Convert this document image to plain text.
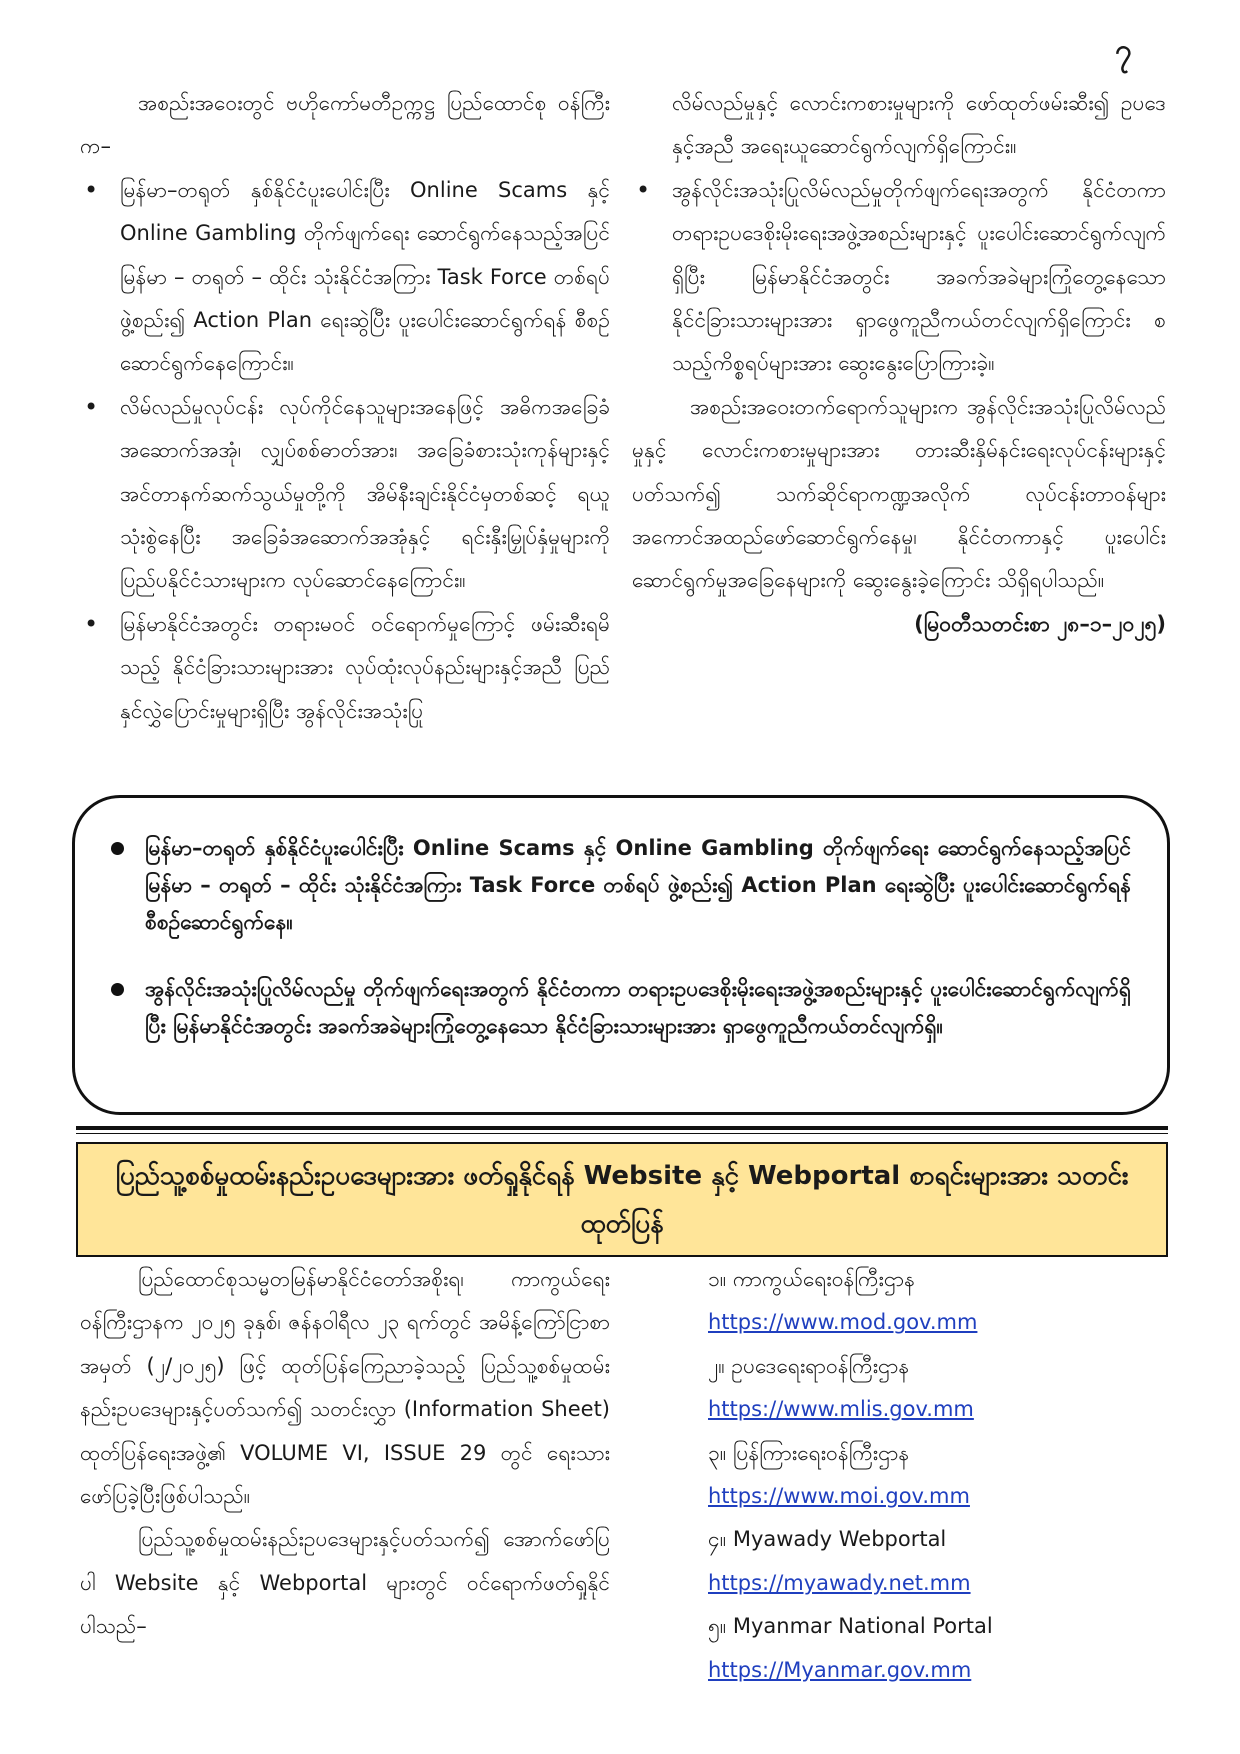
၇

အစည်းအဝေးတွင် ဗဟိုကော်မတီဥက္ကဋ္ဌ ပြည်ထောင်စု ဝန်ကြီးက–

• မြန်မာ–တရုတ် နှစ်နိုင်ငံပူးပေါင်းပြီး Online Scams နှင့် Online Gambling တိုက်ဖျက်ရေး ဆောင်ရွက်နေသည့်အပြင် မြန်မာ – တရုတ် – ထိုင်း သုံးနိုင်ငံအကြား Task Force တစ်ရပ် ဖွဲ့စည်း၍ Action Plan ရေးဆွဲပြီး ပူးပေါင်းဆောင်ရွက်ရန် စီစဉ်ဆောင်ရွက်နေကြောင်း။
• လိမ်လည်မှုလုပ်ငန်း လုပ်ကိုင်နေသူများအနေဖြင့် အဓိကအခြေခံအဆောက်အအုံ၊ လျှပ်စစ်ဓာတ်အား၊ အခြေခံစားသုံးကုန်များနှင့် အင်တာနက်ဆက်သွယ်မှုတို့ကို အိမ်နီးချင်းနိုင်ငံမှတစ်ဆင့် ရယူသုံးစွဲနေပြီး အခြေခံအဆောက်အအုံနှင့် ရင်းနှီးမြှုပ်နှံမှုများကို ပြည်ပနိုင်ငံသားများက လုပ်ဆောင်နေကြောင်း။
• မြန်မာနိုင်ငံအတွင်း တရားမဝင် ဝင်ရောက်မှုကြောင့် ဖမ်းဆီးရမိသည့် နိုင်ငံခြားသားများအား လုပ်ထုံးလုပ်နည်းများနှင့်အညီ ပြည်နှင်လွှဲပြောင်းမှုများရှိပြီး အွန်လိုင်းအသုံးပြု

လိမ်လည်မှုနှင့် လောင်းကစားမှုများကို ဖော်ထုတ်ဖမ်းဆီး၍ ဥပဒေနှင့်အညီ အရေးယူဆောင်ရွက်လျက်ရှိကြောင်း။

• အွန်လိုင်းအသုံးပြုလိမ်လည်မှုတိုက်ဖျက်ရေးအတွက် နိုင်ငံတကာ တရားဥပဒေစိုးမိုးရေးအဖွဲ့အစည်းများနှင့် ပူးပေါင်းဆောင်ရွက်လျက်ရှိပြီး မြန်မာနိုင်ငံအတွင်း အခက်အခဲများကြုံတွေ့နေသော နိုင်ငံခြားသားများအား ရှာဖွေကူညီကယ်တင်လျက်ရှိကြောင်း စသည့်ကိစ္စရပ်များအား ဆွေးနွေးပြောကြားခဲ့။

အစည်းအဝေးတက်ရောက်သူများက အွန်လိုင်းအသုံးပြုလိမ်လည်မှုနှင့် လောင်းကစားမှုများအား တားဆီးနှိမ်နင်းရေးလုပ်ငန်းများနှင့်ပတ်သက်၍ သက်ဆိုင်ရာကဏ္ဍအလိုက် လုပ်ငန်းတာဝန်များ အကောင်အထည်ဖော်ဆောင်ရွက်နေမှု၊ နိုင်ငံတကာနှင့် ပူးပေါင်းဆောင်ရွက်မှုအခြေနေများကို ဆွေးနွေးခဲ့ကြောင်း သိရှိရပါသည်။

(မြဝတီသတင်းစာ ၂၈–၁–၂၀၂၅)

မြန်မာ–တရုတ် နှစ်နိုင်ငံပူးပေါင်းပြီး Online Scams နှင့် Online Gambling တိုက်ဖျက်ရေး ဆောင်ရွက်နေသည့်အပြင် မြန်မာ – တရုတ် – ထိုင်း သုံးနိုင်ငံအကြား Task Force တစ်ရပ် ဖွဲ့စည်း၍ Action Plan ရေးဆွဲပြီး ပူးပေါင်းဆောင်ရွက်ရန် စီစဉ်ဆောင်ရွက်နေ။
အွန်လိုင်းအသုံးပြုလိမ်လည်မှု တိုက်ဖျက်ရေးအတွက် နိုင်ငံတကာ တရားဥပဒေစိုးမိုးရေးအဖွဲ့အစည်းများနှင့် ပူးပေါင်းဆောင်ရွက်လျက်ရှိပြီး မြန်မာနိုင်ငံအတွင်း အခက်အခဲများကြုံတွေ့နေသော နိုင်ငံခြားသားများအား ရှာဖွေကူညီကယ်တင်လျက်ရှိ။
ပြည်သူ့စစ်မှုထမ်းနည်းဥပဒေများအား ဖတ်ရှုနိုင်ရန် Website နှင့် Webportal စာရင်းများအား သတင်းထုတ်ပြန်

ပြည်ထောင်စုသမ္မတမြန်မာနိုင်ငံတော်အစိုးရ၊ ကာကွယ်ရေးဝန်ကြီးဌာနက ၂၀၂၅ ခုနှစ်၊ ဇန်နဝါရီလ ၂၃ ရက်တွင် အမိန့်ကြော်ငြာစာအမှတ် (၂/၂၀၂၅) ဖြင့် ထုတ်ပြန်ကြေညာခဲ့သည့် ပြည်သူ့စစ်မှုထမ်းနည်းဥပဒေများနှင့်ပတ်သက်၍ သတင်းလွှာ (Information Sheet) ထုတ်ပြန်ရေးအဖွဲ့၏ VOLUME VI, ISSUE 29 တွင် ရေးသားဖော်ပြခဲ့ပြီးဖြစ်ပါသည်။

ပြည်သူ့စစ်မှုထမ်းနည်းဥပဒေများနှင့်ပတ်သက်၍ အောက်ဖော်ပြပါ Website နှင့် Webportal များတွင် ဝင်ရောက်ဖတ်ရှုနိုင်ပါသည်–

၁။ ကာကွယ်ရေးဝန်ကြီးဌာန
https://www.mod.gov.mm
၂။ ဥပဒေရေးရာဝန်ကြီးဌာန
https://www.mlis.gov.mm
၃။ ပြန်ကြားရေးဝန်ကြီးဌာန
https://www.moi.gov.mm
၄။ Myawady Webportal
https://myawady.net.mm
၅။ Myanmar National Portal
https://Myanmar.gov.mm
